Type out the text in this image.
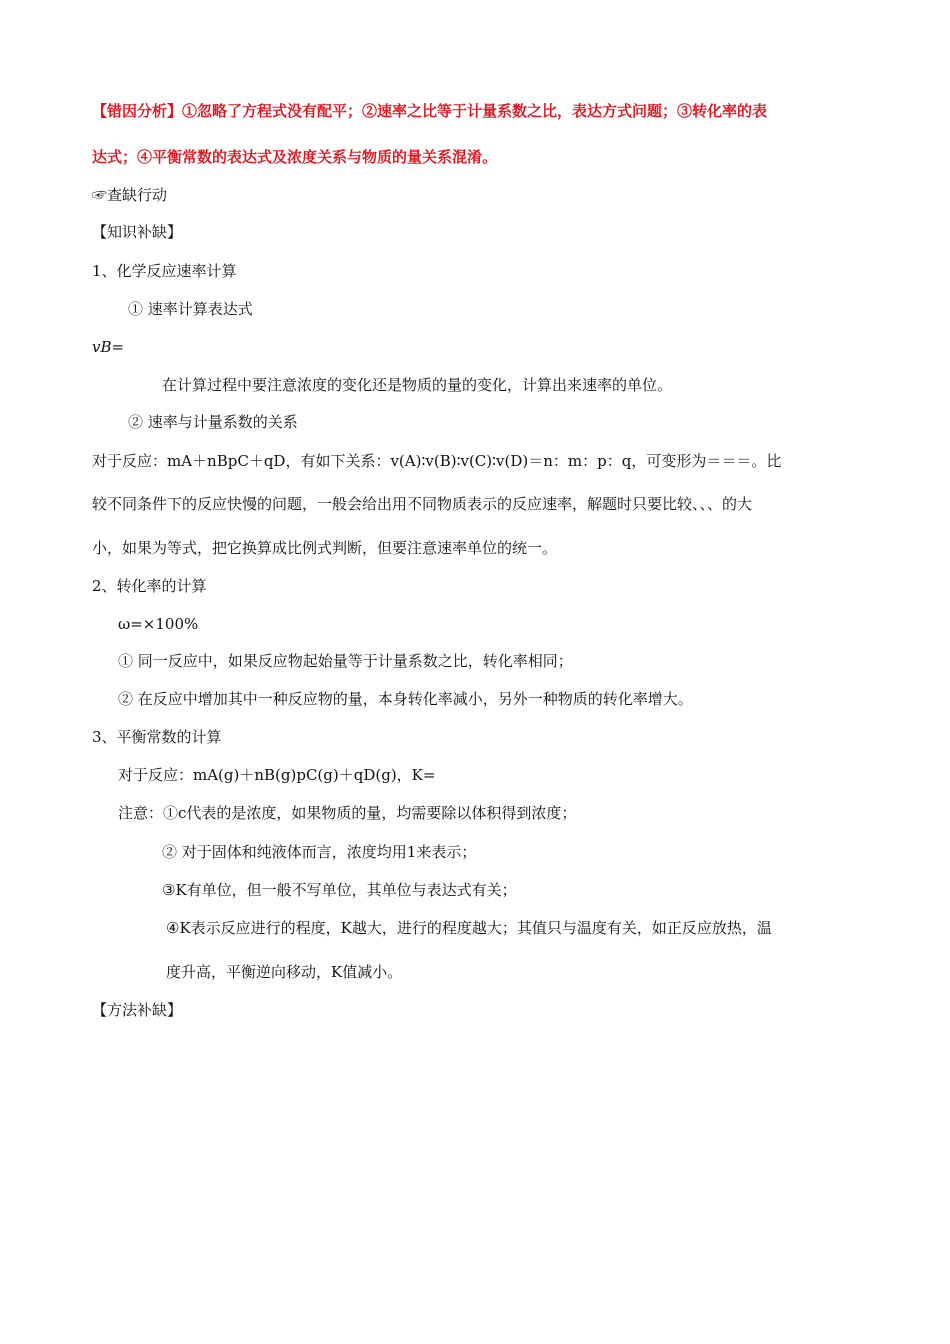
【错因分析】①忽略了方程式没有配平；②速率之比等于计量系数之比，表达方式问题；③转化率的表
达式；④平衡常数的表达式及浓度关系与物质的量关系混淆。
☞查缺行动
【知识补缺】
1、化学反应速率计算
① 速率计算表达式
vB=
在计算过程中要注意浓度的变化还是物质的量的变化，计算出来速率的单位。
② 速率与计量系数的关系
对于反应：mA＋nBpC＋qD，有如下关系：v(A)∶v(B)∶v(C)∶v(D)＝n：m：p：q，可变形为＝＝＝。比
较不同条件下的反应快慢的问题，一般会给出用不同物质表示的反应速率，解题时只要比较、、、的大
小，如果为等式，把它换算成比例式判断，但要注意速率单位的统一。
2、转化率的计算
ω=×100%
① 同一反应中，如果反应物起始量等于计量系数之比，转化率相同；
② 在反应中增加其中一种反应物的量，本身转化率减小，另外一种物质的转化率增大。
3、平衡常数的计算
对于反应：mA(g)＋nB(g)pC(g)＋qD(g)，K=
注意：①c代表的是浓度，如果物质的量，均需要除以体积得到浓度；
② 对于固体和纯液体而言，浓度均用1来表示；
③K有单位，但一般不写单位，其单位与表达式有关；
④K表示反应进行的程度，K越大，进行的程度越大；其值只与温度有关，如正反应放热，温
度升高，平衡逆向移动，K值减小。
【方法补缺】
